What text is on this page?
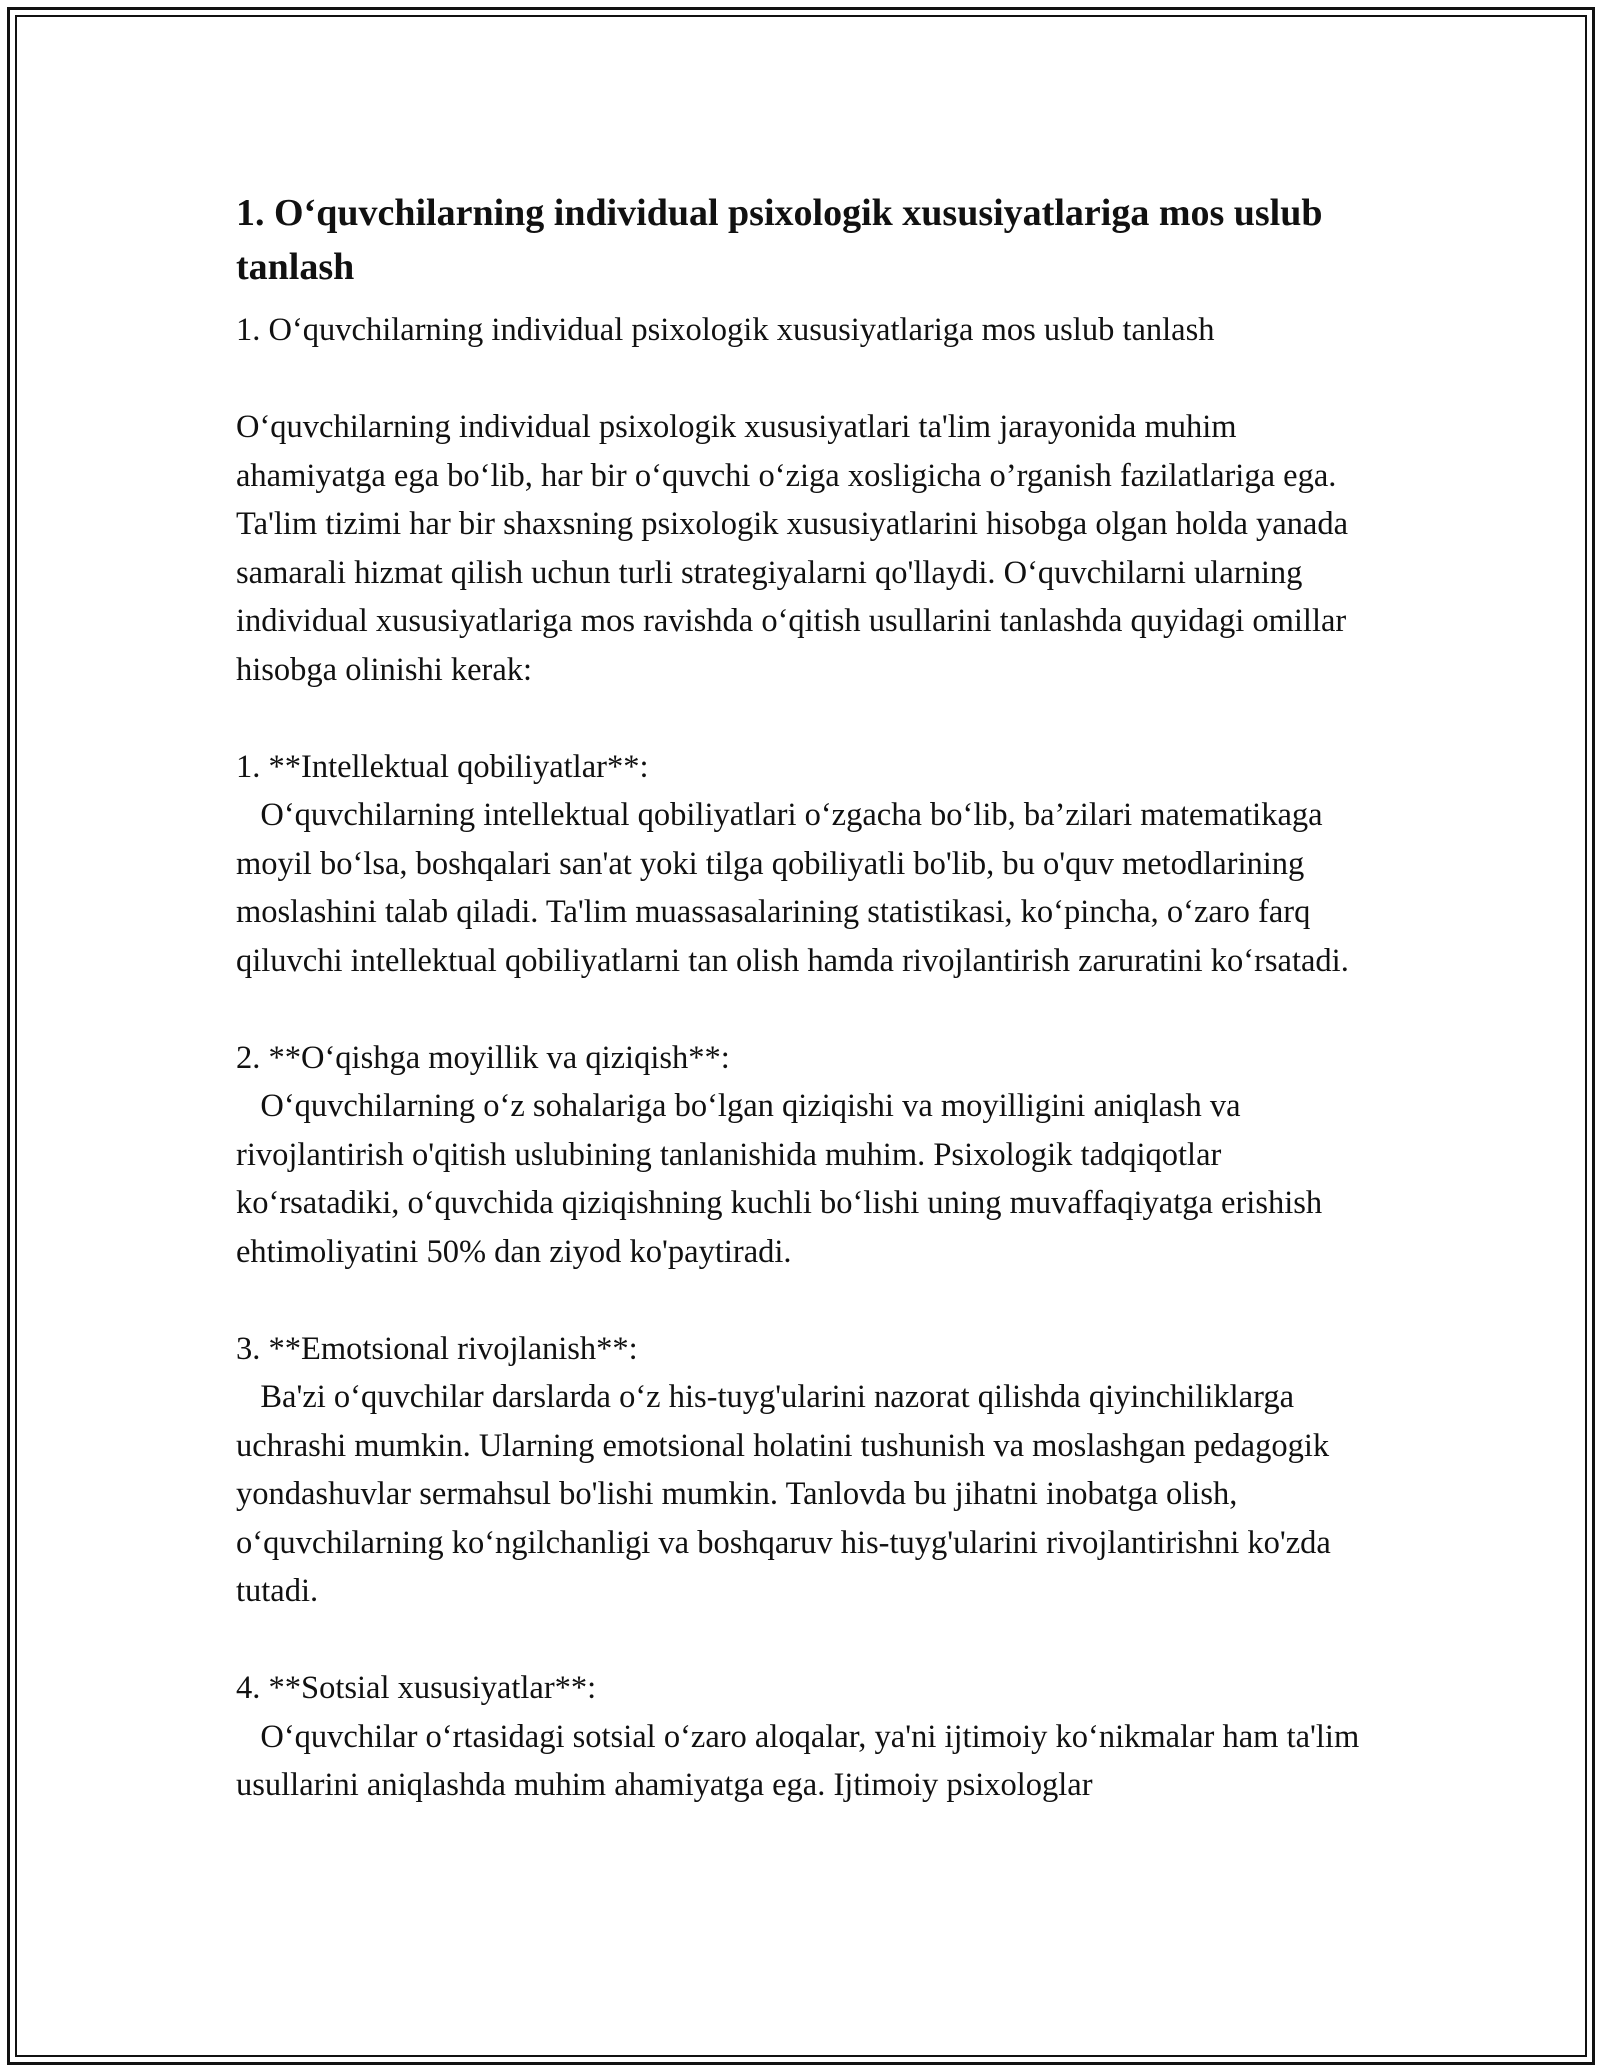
1. O‘quvchilarning individual psixologik xususiyatlariga mos uslub tanlash

1. O‘quvchilarning individual psixologik xususiyatlariga mos uslub tanlash

O‘quvchilarning individual psixologik xususiyatlari ta'lim jarayonida muhim ahamiyatga ega bo‘lib, har bir o‘quvchi o‘ziga xosligicha o’rganish fazilatlariga ega. Ta'lim tizimi har bir shaxsning psixologik xususiyatlarini hisobga olgan holda yanada samarali hizmat qilish uchun turli strategiyalarni qo'llaydi. O‘quvchilarni ularning individual xususiyatlariga mos ravishda o‘qitish usullarini tanlashda quyidagi omillar hisobga olinishi kerak:

1. **Intellektual qobiliyatlar**:

O‘quvchilarning intellektual qobiliyatlari o‘zgacha bo‘lib, ba’zilari matematikaga moyil bo‘lsa, boshqalari san'at yoki tilga qobiliyatli bo'lib, bu o'quv metodlarining moslashini talab qiladi. Ta'lim muassasalarining statistikasi, ko‘pincha, o‘zaro farq qiluvchi intellektual qobiliyatlarni tan olish hamda rivojlantirish zaruratini ko‘rsatadi.

2. **O‘qishga moyillik va qiziqish**:

O‘quvchilarning o‘z sohalariga bo‘lgan qiziqishi va moyilligini aniqlash va rivojlantirish o'qitish uslubining tanlanishida muhim. Psixologik tadqiqotlar ko‘rsatadiki, o‘quvchida qiziqishning kuchli bo‘lishi uning muvaffaqiyatga erishish ehtimoliyatini 50% dan ziyod ko'paytiradi.

3. **Emotsional rivojlanish**:

Ba'zi o‘quvchilar darslarda o‘z his-tuyg'ularini nazorat qilishda qiyinchiliklarga uchrashi mumkin. Ularning emotsional holatini tushunish va moslashgan pedagogik yondashuvlar sermahsul bo'lishi mumkin. Tanlovda bu jihatni inobatga olish, o‘quvchilarning ko‘ngilchanligi va boshqaruv his-tuyg'ularini rivojlantirishni ko'zda tutadi.

4. **Sotsial xususiyatlar**:

O‘quvchilar o‘rtasidagi sotsial o‘zaro aloqalar, ya'ni ijtimoiy ko‘nikmalar ham ta'lim usullarini aniqlashda muhim ahamiyatga ega. Ijtimoiy psixologlar
